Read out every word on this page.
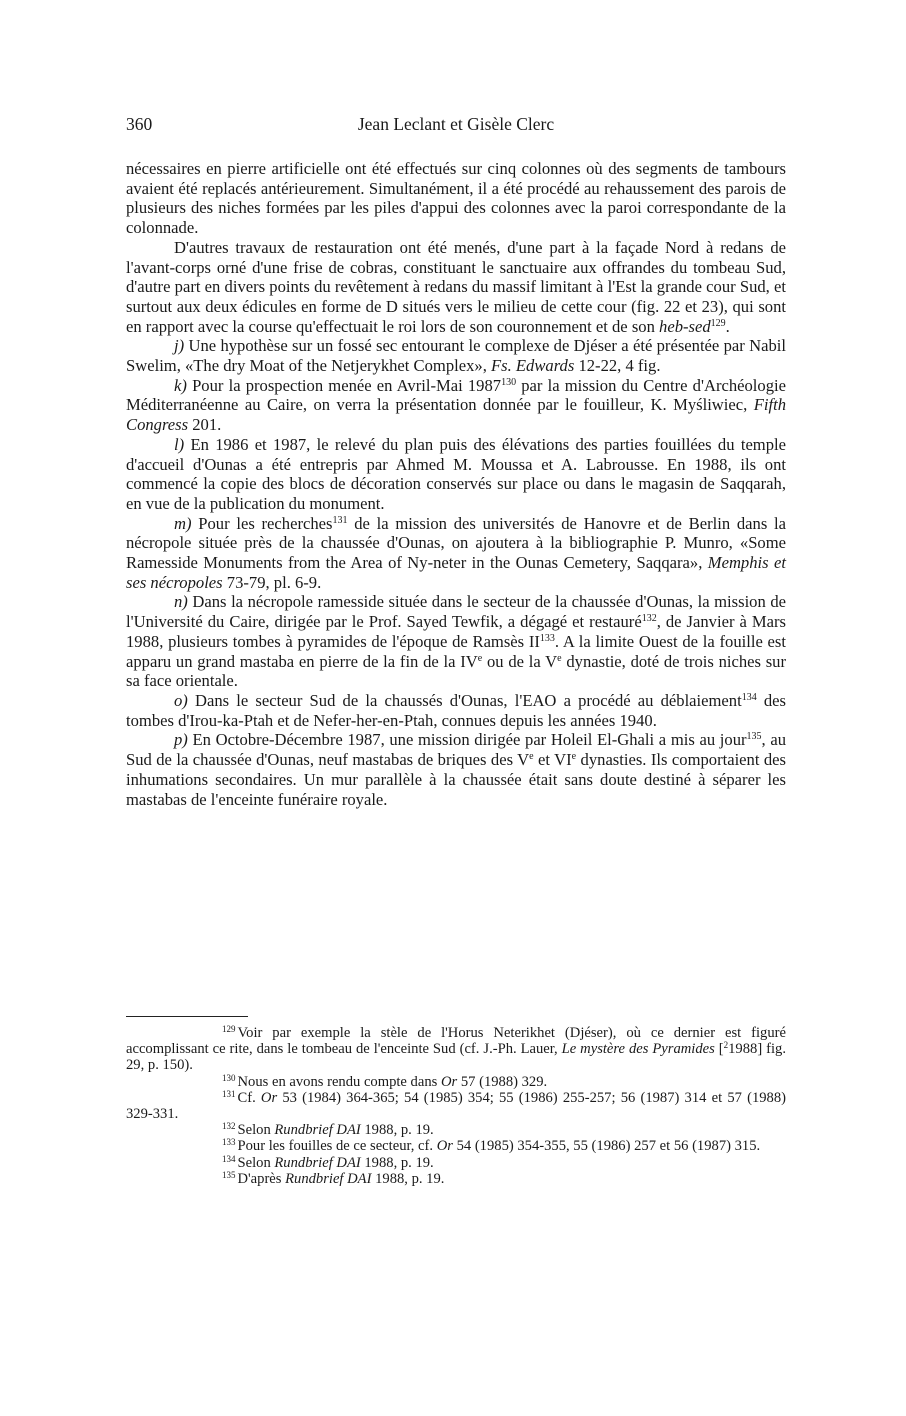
360	Jean Leclant et Gisèle Clerc

nécessaires en pierre artificielle ont été effectués sur cinq colonnes où des segments de tambours avaient été replacés antérieurement. Simultanément, il a été procédé au rehaussement des parois de plusieurs des niches formées par les piles d'appui des colonnes avec la paroi correspondante de la colonnade.

D'autres travaux de restauration ont été menés, d'une part à la façade Nord à redans de l'avant-corps orné d'une frise de cobras, constituant le sanctuaire aux offrandes du tombeau Sud, d'autre part en divers points du revêtement à redans du massif limitant à l'Est la grande cour Sud, et surtout aux deux édicules en forme de D situés vers le milieu de cette cour (fig. 22 et 23), qui sont en rapport avec la course qu'effectuait le roi lors de son couronnement et de son heb-sed$^{129}$.

j) Une hypothèse sur un fossé sec entourant le complexe de Djéser a été présentée par Nabil Swelim, «The dry Moat of the Netjerykhet Complex», Fs. Edwards 12-22, 4 fig.

k) Pour la prospection menée en Avril-Mai 1987$^{130}$ par la mission du Centre d'Archéologie Méditerranéenne au Caire, on verra la présentation donnée par le fouilleur, K. Myśliwiec, Fifth Congress 201.

l) En 1986 et 1987, le relevé du plan puis des élévations des parties fouillées du temple d'accueil d'Ounas a été entrepris par Ahmed M. Moussa et A. Labrousse. En 1988, ils ont commencé la copie des blocs de décoration conservés sur place ou dans le magasin de Saqqarah, en vue de la publication du monument.

m) Pour les recherches$^{131}$ de la mission des universités de Hanovre et de Berlin dans la nécropole située près de la chaussée d'Ounas, on ajoutera à la bibliographie P. Munro, «Some Ramesside Monuments from the Area of Ny-neter in the Ounas Cemetery, Saqqara», Memphis et ses nécropoles 73-79, pl. 6-9.

n) Dans la nécropole ramesside située dans le secteur de la chaussée d'Ounas, la mission de l'Université du Caire, dirigée par le Prof. Sayed Tewfik, a dégagé et restauré$^{132}$, de Janvier à Mars 1988, plusieurs tombes à pyramides de l'époque de Ramsès II$^{133}$. A la limite Ouest de la fouille est apparu un grand mastaba en pierre de la fin de la IVe ou de la Ve dynastie, doté de trois niches sur sa face orientale.

o) Dans le secteur Sud de la chaussés d'Ounas, l'EAO a procédé au déblaiement$^{134}$ des tombes d'Irou-ka-Ptah et de Nefer-her-en-Ptah, connues depuis les années 1940.

p) En Octobre-Décembre 1987, une mission dirigée par Holeil El-Ghali a mis au jour$^{135}$, au Sud de la chaussée d'Ounas, neuf mastabas de briques des Ve et VIe dynasties. Ils comportaient des inhumations secondaires. Un mur parallèle à la chaussée était sans doute destiné à séparer les mastabas de l'enceinte funéraire royale.

$^{129}$ Voir par exemple la stèle de l'Horus Neterikhet (Djéser), où ce dernier est figuré accomplissant ce rite, dans le tombeau de l'enceinte Sud (cf. J.-Ph. Lauer, Le mystère des Pyramides [$^2$1988] fig. 29, p. 150).

$^{130}$ Nous en avons rendu compte dans Or 57 (1988) 329.

$^{131}$ Cf. Or 53 (1984) 364-365; 54 (1985) 354; 55 (1986) 255-257; 56 (1987) 314 et 57 (1988) 329-331.

$^{132}$ Selon Rundbrief DAI 1988, p. 19.

$^{133}$ Pour les fouilles de ce secteur, cf. Or 54 (1985) 354-355, 55 (1986) 257 et 56 (1987) 315.

$^{134}$ Selon Rundbrief DAI 1988, p. 19.

$^{135}$ D'après Rundbrief DAI 1988, p. 19.
